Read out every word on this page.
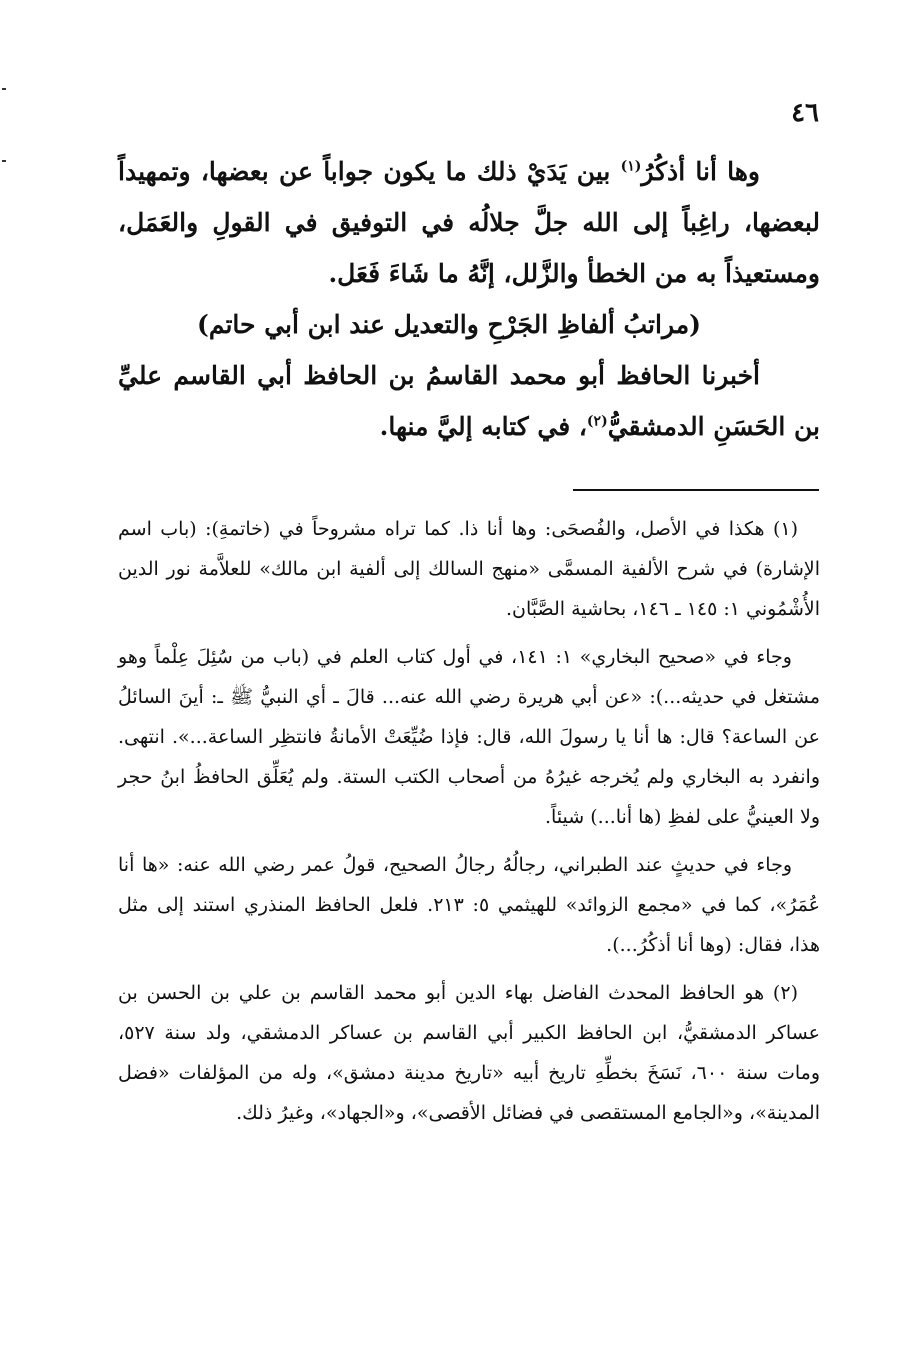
٤٦

وها أنا أذكُرُ$^{(١)}$ بين يَدَيْ ذلك ما يكون جواباً عن بعضها، وتمهيداً لبعضها، راغِباً إلى الله جلَّ جلالُه في التوفيق في القولِ والعَمَل، ومستعيذاً به من الخطأ والزَّلل، إنَّهُ ما شَاءَ فَعَل.

(مراتبُ ألفاظِ الجَرْحِ والتعديل عند ابن أبي حاتم)

أخبرنا الحافظ أبو محمد القاسمُ بن الحافظ أبي القاسم عليِّ بن الحَسَنِ الدمشقيُّ$^{(٢)}$، في كتابه إليَّ منها.

(١) هكذا في الأصل، والفُصحَى: وها أنا ذا. كما تراه مشروحاً في (خاتمةِ): (باب اسم الإشارة) في شرح الألفية المسمَّى «منهج السالك إلى ألفية ابن مالك» للعلاَّمة نور الدين الأُشْمُوني ١: ١٤٥ ـ ١٤٦، بحاشية الصَّبَّان.

وجاء في «صحيح البخاري» ١: ١٤١، في أول كتاب العلم في (باب من سُئِلَ عِلْماً وهو مشتغل في حديثه...): «عن أبي هريرة رضي الله عنه... قالَ ـ أي النبيُّ ﷺ ـ: أينَ السائلُ عن الساعة؟ قال: ها أنا يا رسولَ الله، قال: فإذا ضُيِّعَتْ الأمانةُ فانتظِر الساعة...». انتهى. وانفرد به البخاري ولم يُخرجه غيرُهُ من أصحاب الكتب الستة. ولم يُعَلِّق الحافظُ ابنُ حجر ولا العينيُّ على لفظِ (ها أنا...) شيئاً.

وجاء في حديثٍ عند الطبراني، رجالُهُ رجالُ الصحيح، قولُ عمر رضي الله عنه: «ها أنا عُمَرُ»، كما في «مجمع الزوائد» للهيثمي ٥: ٢١٣. فلعل الحافظ المنذري استند إلى مثل هذا، فقال: (وها أنا أذكُرُ...).

(٢) هو الحافظ المحدث الفاضل بهاء الدين أبو محمد القاسم بن علي بن الحسن بن عساكر الدمشقيُّ، ابن الحافظ الكبير أبي القاسم بن عساكر الدمشقي، ولد سنة ٥٢٧، ومات سنة ٦٠٠، نَسَخَ بخطِّهِ تاريخ أبيه «تاريخ مدينة دمشق»، وله من المؤلفات «فضل المدينة»، و«الجامع المستقصى في فضائل الأقصى»، و«الجهاد»، وغيرُ ذلك.
